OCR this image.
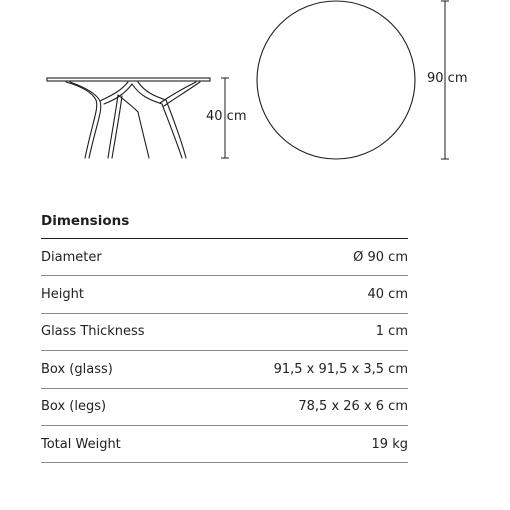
40 cm
90 cm
Dimensions
Diameter	Ø 90 cm
Height	40 cm
Glass Thickness	1 cm
Box (glass)	91,5 x 91,5 x 3,5 cm
Box (legs)	78,5 x 26 x 6 cm
Total Weight	19 kg
